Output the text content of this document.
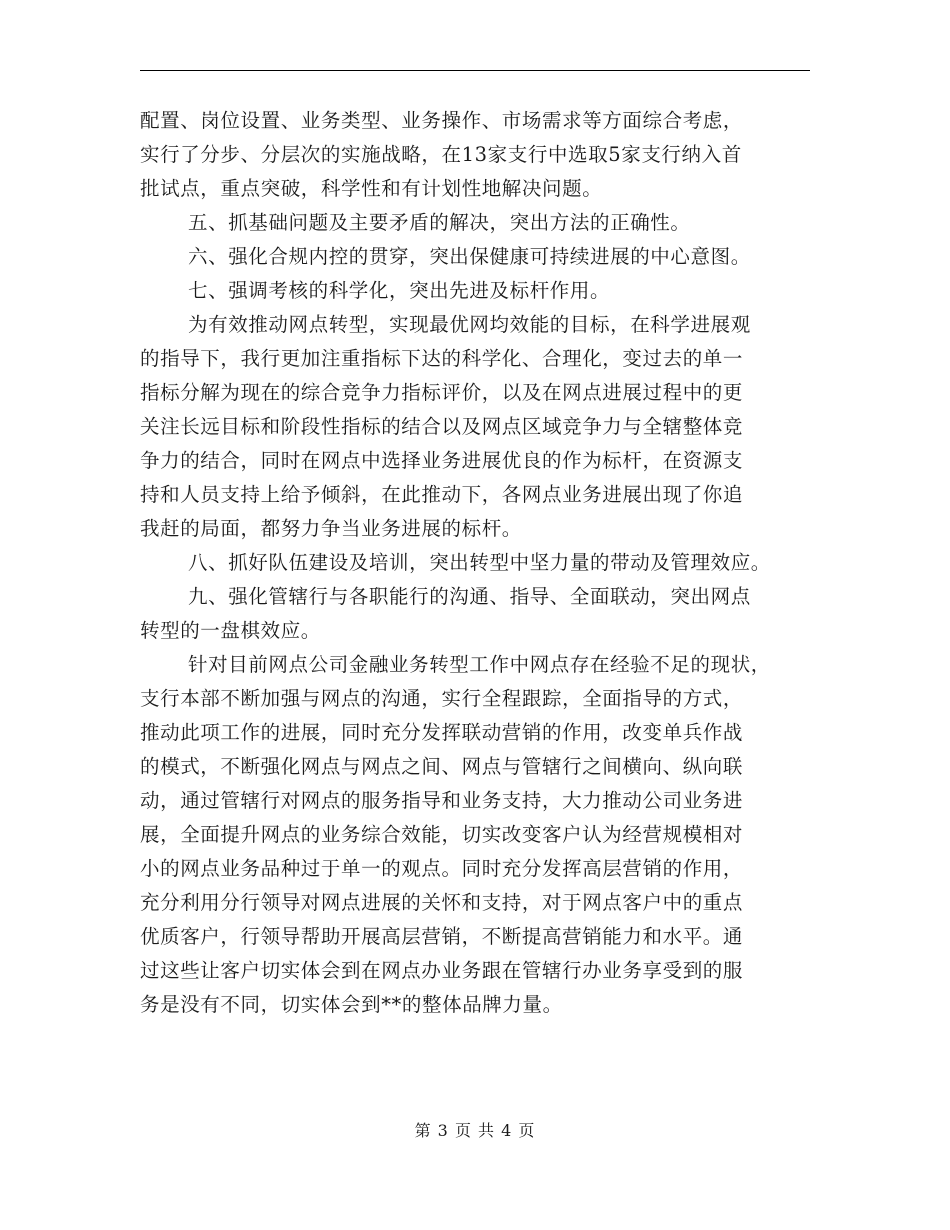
配置、岗位设置、业务类型、业务操作、市场需求等方面综合考虑，
实行了分步、分层次的实施战略，在13家支行中选取5家支行纳入首
批试点，重点突破，科学性和有计划性地解决问题。
五、抓基础问题及主要矛盾的解决，突出方法的正确性。
六、强化合规内控的贯穿，突出保健康可持续进展的中心意图。
七、强调考核的科学化，突出先进及标杆作用。
为有效推动网点转型，实现最优网均效能的目标，在科学进展观
的指导下，我行更加注重指标下达的科学化、合理化，变过去的单一
指标分解为现在的综合竞争力指标评价，以及在网点进展过程中的更
关注长远目标和阶段性指标的结合以及网点区域竞争力与全辖整体竞
争力的结合，同时在网点中选择业务进展优良的作为标杆，在资源支
持和人员支持上给予倾斜，在此推动下，各网点业务进展出现了你追
我赶的局面，都努力争当业务进展的标杆。
八、抓好队伍建设及培训，突出转型中坚力量的带动及管理效应。
九、强化管辖行与各职能行的沟通、指导、全面联动，突出网点
转型的一盘棋效应。
针对目前网点公司金融业务转型工作中网点存在经验不足的现状，
支行本部不断加强与网点的沟通，实行全程跟踪，全面指导的方式，
推动此项工作的进展，同时充分发挥联动营销的作用，改变单兵作战
的模式，不断强化网点与网点之间、网点与管辖行之间横向、纵向联
动，通过管辖行对网点的服务指导和业务支持，大力推动公司业务进
展，全面提升网点的业务综合效能，切实改变客户认为经营规模相对
小的网点业务品种过于单一的观点。同时充分发挥高层营销的作用，
充分利用分行领导对网点进展的关怀和支持，对于网点客户中的重点
优质客户，行领导帮助开展高层营销，不断提高营销能力和水平。通
过这些让客户切实体会到在网点办业务跟在管辖行办业务享受到的服
务是没有不同，切实体会到**的整体品牌力量。
第 3 页 共 4 页
